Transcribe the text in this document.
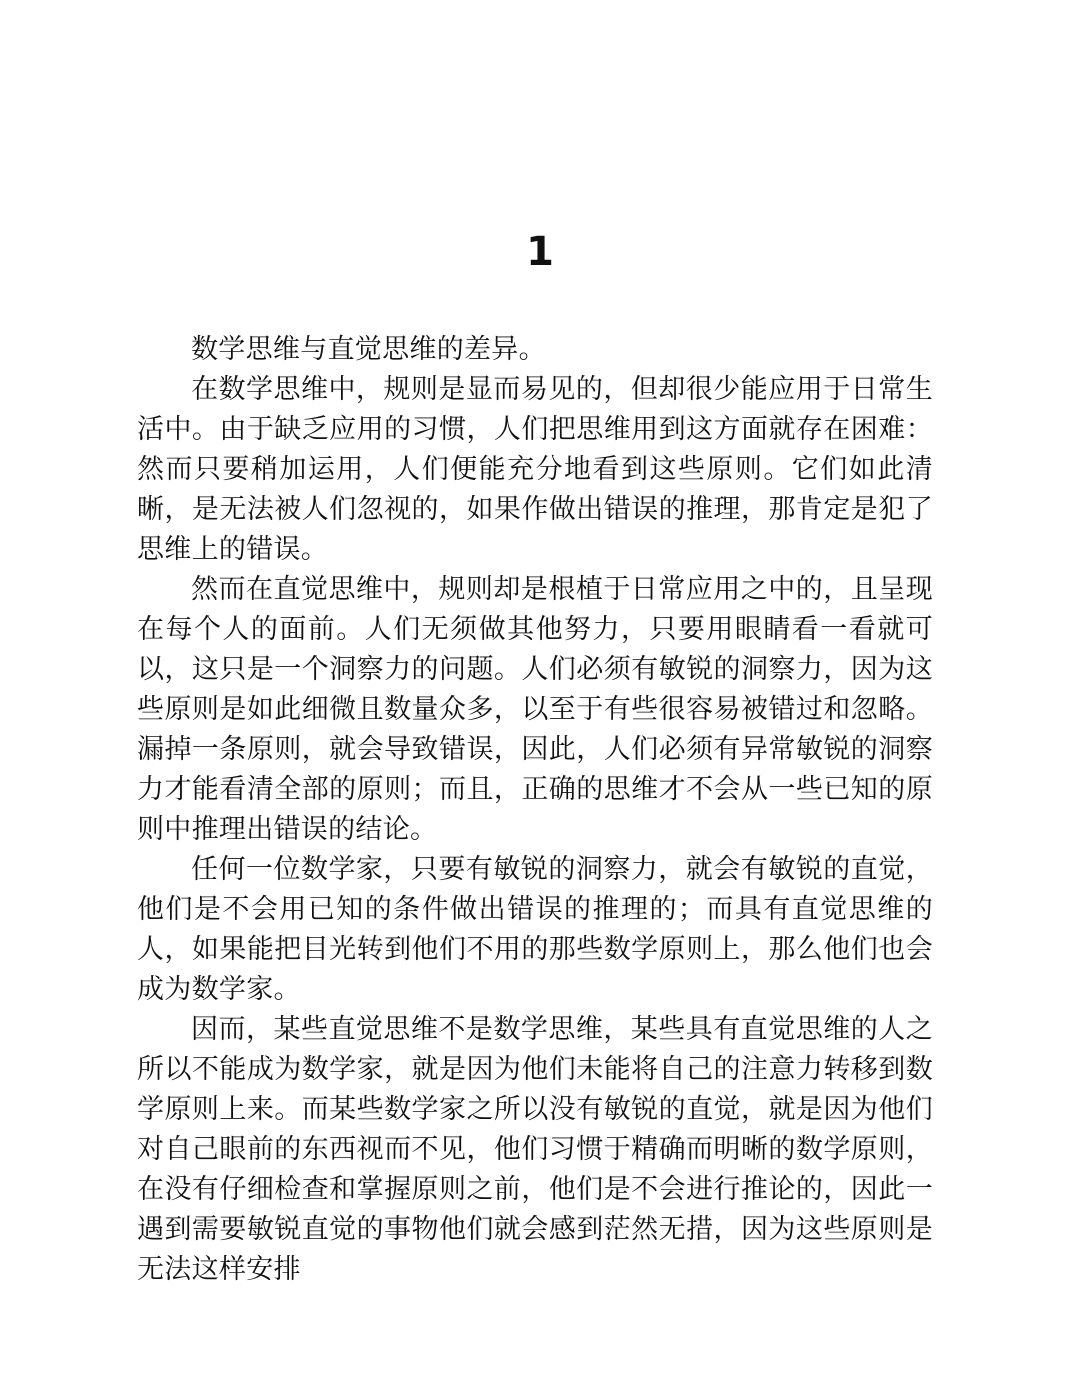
1

数学思维与直觉思维的差异。

在数学思维中，规则是显而易见的，但却很少能应用于日常生活中。由于缺乏应用的习惯，人们把思维用到这方面就存在困难：然而只要稍加运用，人们便能充分地看到这些原则。它们如此清晰，是无法被人们忽视的，如果作做出错误的推理，那肯定是犯了思维上的错误。

然而在直觉思维中，规则却是根植于日常应用之中的，且呈现在每个人的面前。人们无须做其他努力，只要用眼睛看一看就可以，这只是一个洞察力的问题。人们必须有敏锐的洞察力，因为这些原则是如此细微且数量众多，以至于有些很容易被错过和忽略。漏掉一条原则，就会导致错误，因此，人们必须有异常敏锐的洞察力才能看清全部的原则；而且，正确的思维才不会从一些已知的原则中推理出错误的结论。

任何一位数学家，只要有敏锐的洞察力，就会有敏锐的直觉，他们是不会用已知的条件做出错误的推理的；而具有直觉思维的人，如果能把目光转到他们不用的那些数学原则上，那么他们也会成为数学家。

因而，某些直觉思维不是数学思维，某些具有直觉思维的人之所以不能成为数学家，就是因为他们未能将自己的注意力转移到数学原则上来。而某些数学家之所以没有敏锐的直觉，就是因为他们对自己眼前的东西视而不见，他们习惯于精确而明晰的数学原则，在没有仔细检查和掌握原则之前，他们是不会进行推论的，因此一遇到需要敏锐直觉的事物他们就会感到茫然无措，因为这些原则是无法这样安排
